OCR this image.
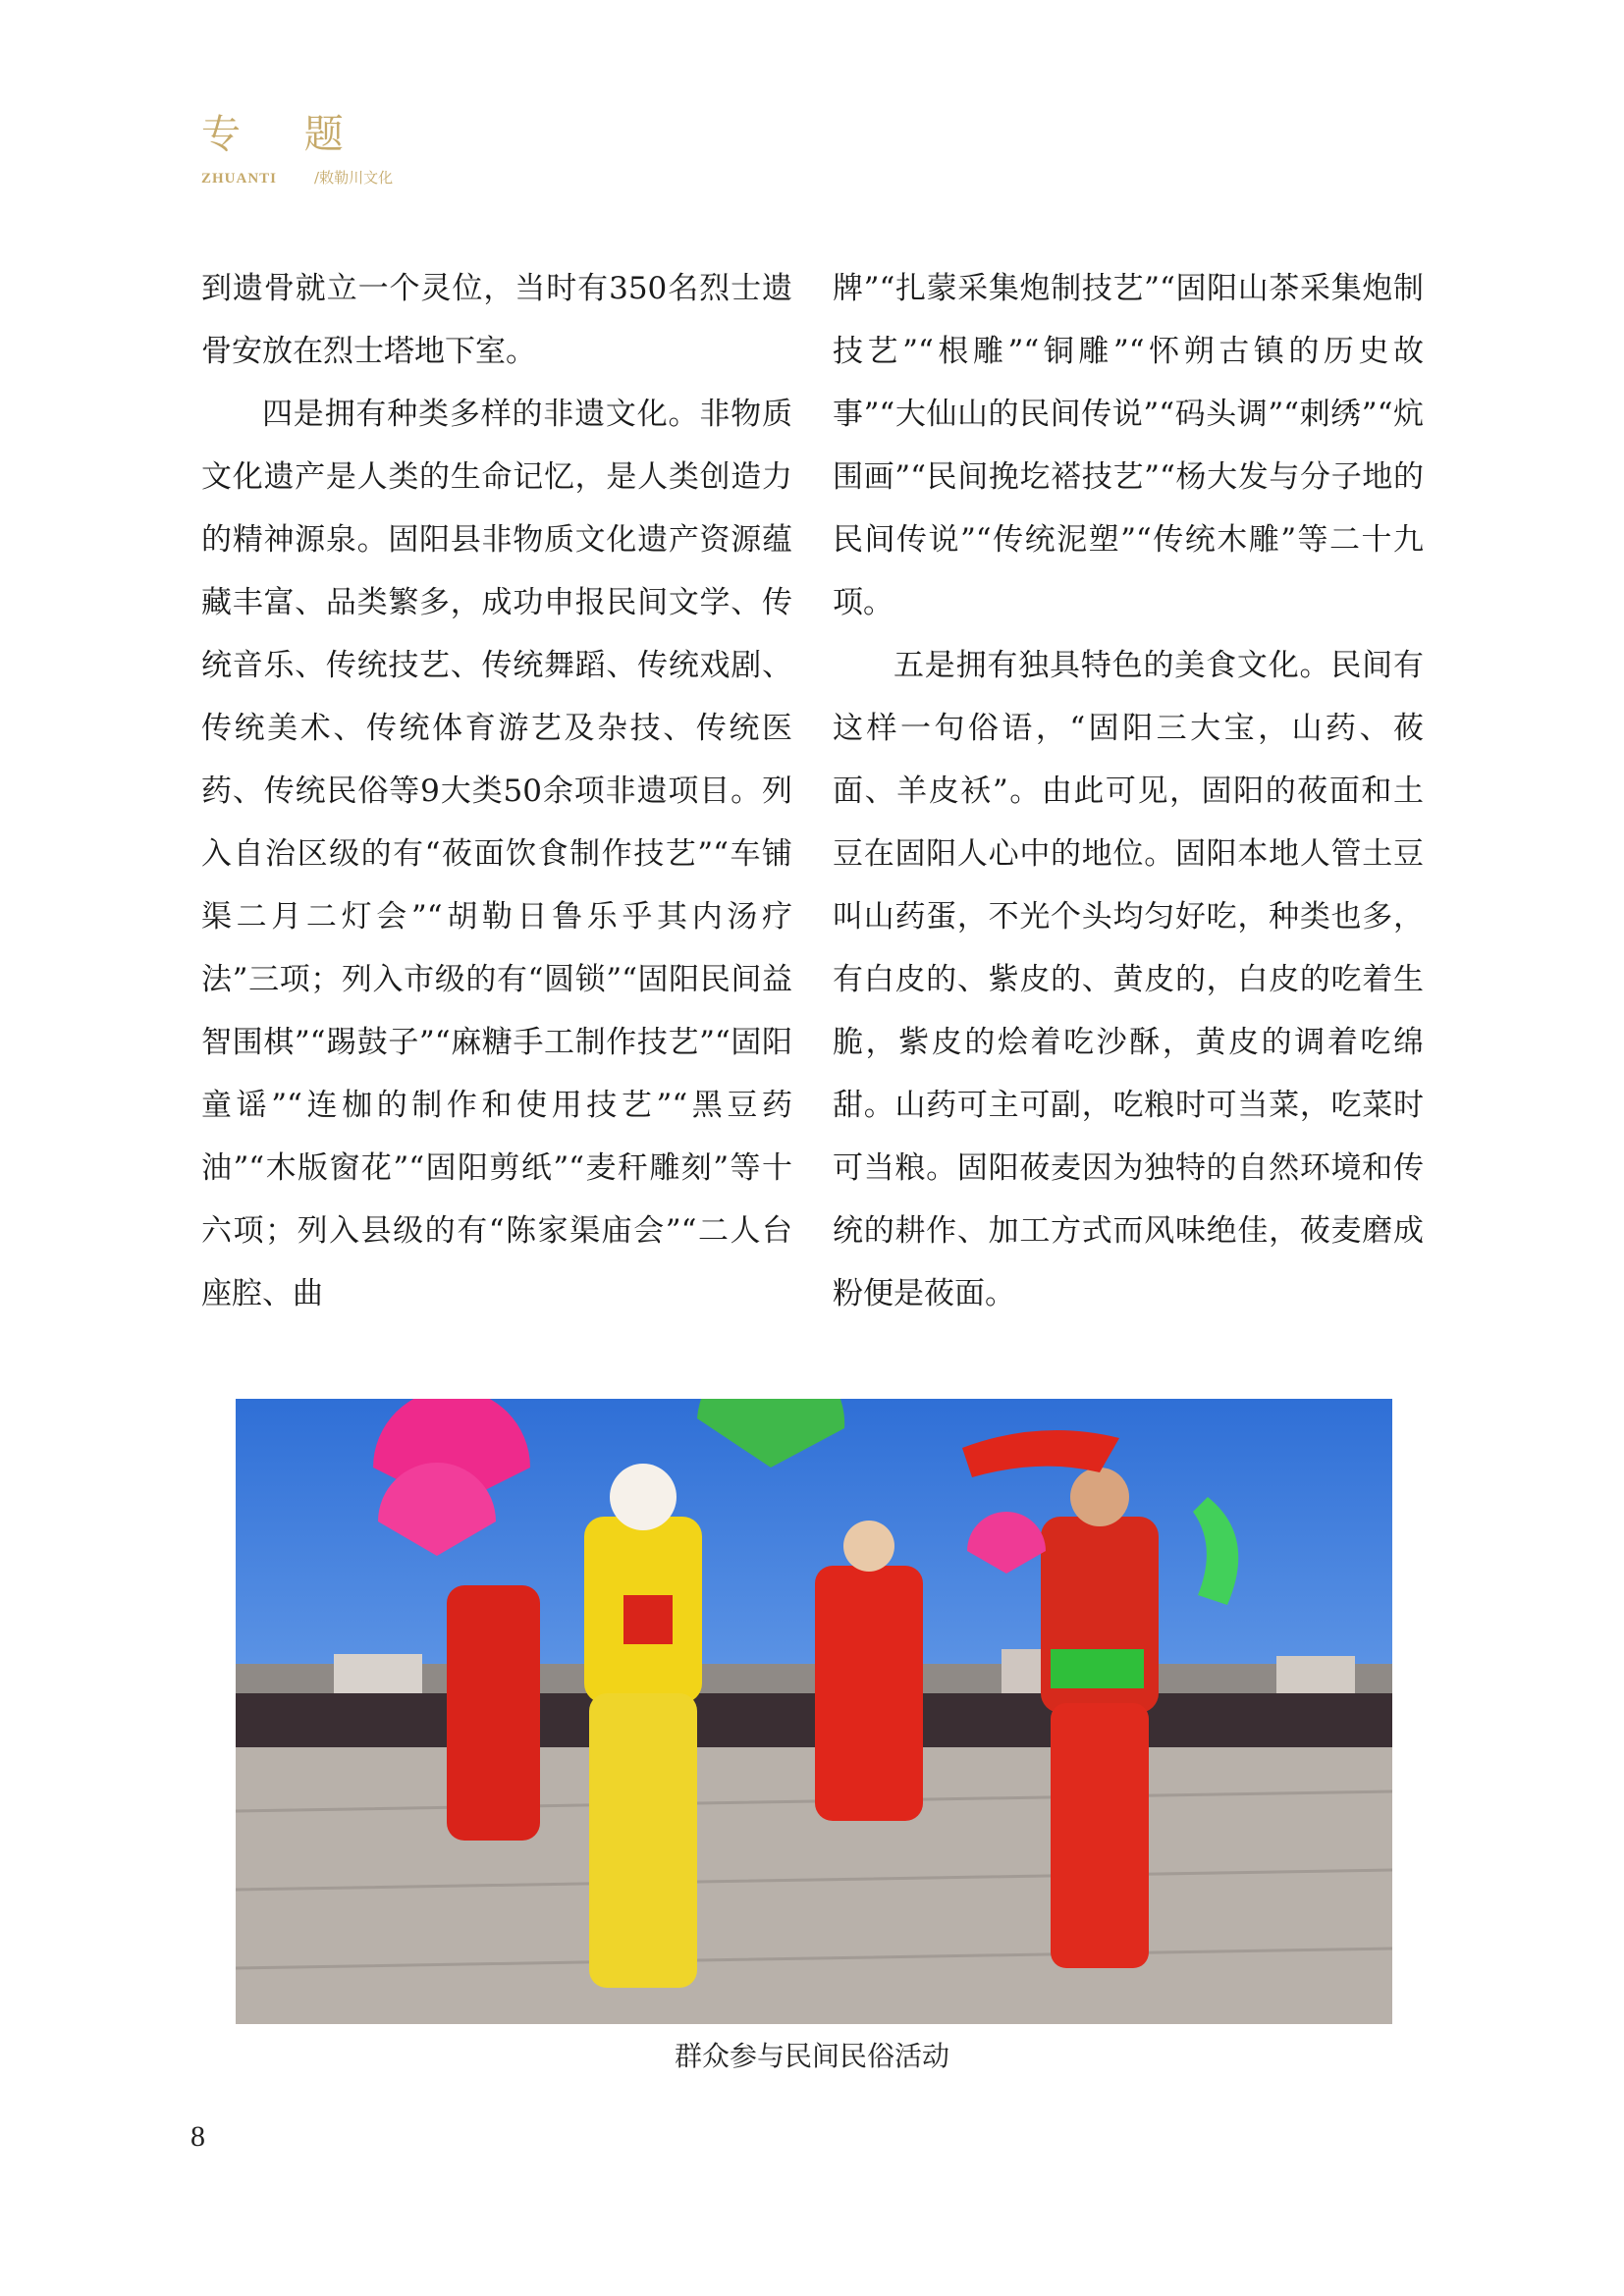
专 题
ZHUANTI	/敕勒川文化

到遗骨就立一个灵位，当时有350名烈士遗骨安放在烈士塔地下室。

四是拥有种类多样的非遗文化。非物质文化遗产是人类的生命记忆，是人类创造力的精神源泉。固阳县非物质文化遗产资源蕴藏丰富、品类繁多，成功申报民间文学、传统音乐、传统技艺、传统舞蹈、传统戏剧、传统美术、传统体育游艺及杂技、传统医药、传统民俗等9大类50余项非遗项目。列入自治区级的有“莜面饮食制作技艺”“车铺渠二月二灯会”“胡勒日鲁乐乎其内汤疗法”三项；列入市级的有“圆锁”“固阳民间益智围棋”“踢鼓子”“麻糖手工制作技艺”“固阳童谣”“连枷的制作和使用技艺”“黑豆药油”“木版窗花”“固阳剪纸”“麦秆雕刻”等十六项；列入县级的有“陈家渠庙会”“二人台座腔、曲

牌”“扎蒙采集炮制技艺”“固阳山茶采集炮制技艺”“根雕”“铜雕”“怀朔古镇的历史故事”“大仙山的民间传说”“码头调”“刺绣”“炕围画”“民间挽圪褡技艺”“杨大发与分子地的民间传说”“传统泥塑”“传统木雕”等二十九项。

五是拥有独具特色的美食文化。民间有这样一句俗语，“固阳三大宝，山药、莜面、羊皮袄”。由此可见，固阳的莜面和土豆在固阳人心中的地位。固阳本地人管土豆叫山药蛋，不光个头均匀好吃，种类也多，有白皮的、紫皮的、黄皮的，白皮的吃着生脆，紫皮的烩着吃沙酥，黄皮的调着吃绵甜。山药可主可副，吃粮时可当菜，吃菜时可当粮。固阳莜麦因为独特的自然环境和传统的耕作、加工方式而风味绝佳，莜麦磨成粉便是莜面。

群众参与民间民俗活动
8
